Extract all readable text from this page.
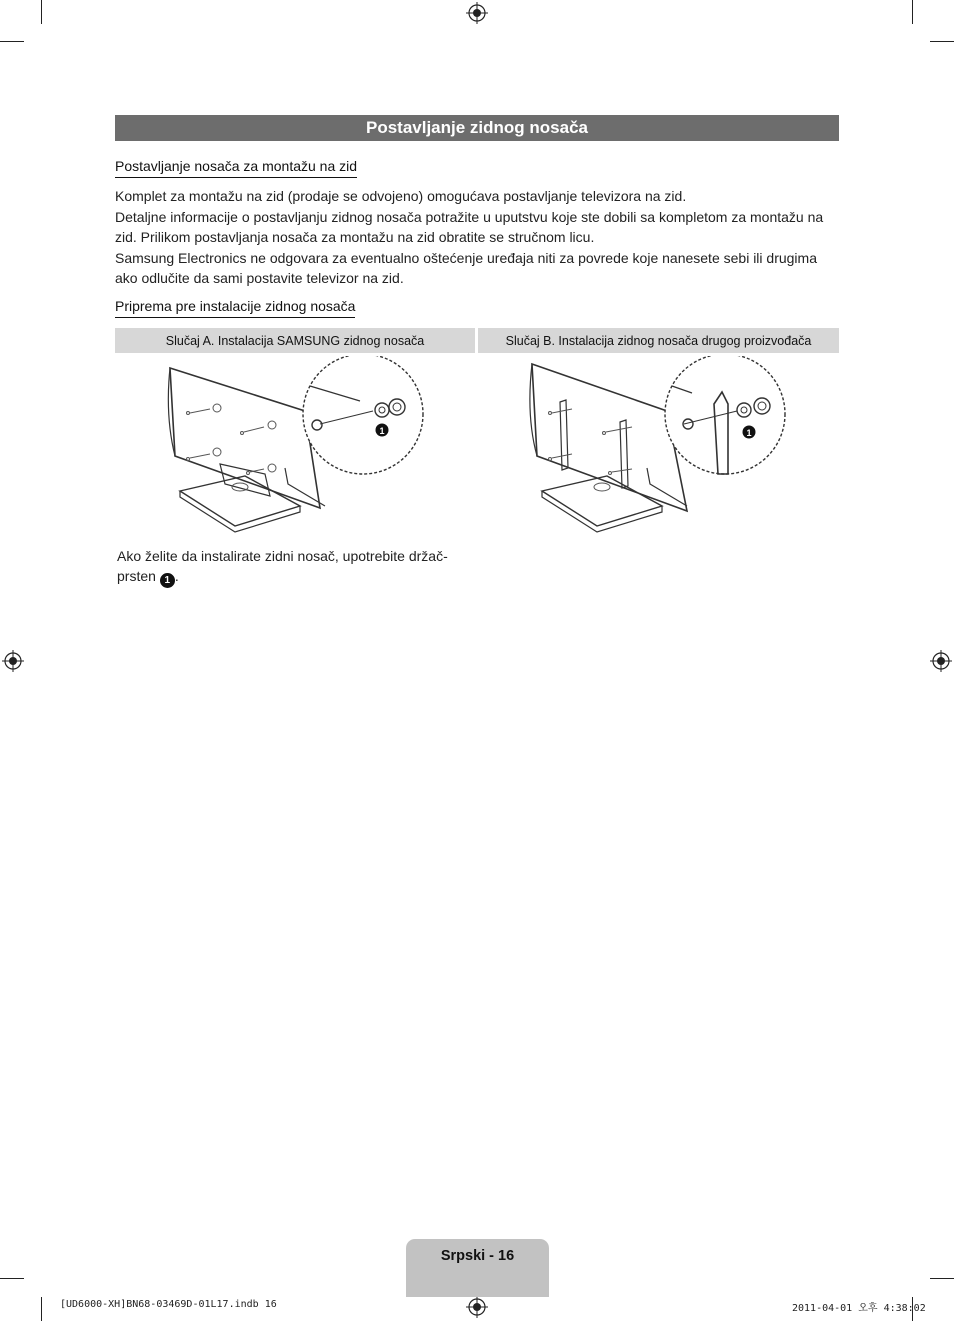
Postavljanje zidnog nosača
Postavljanje nosača za montažu na zid

Komplet za montažu na zid (prodaje se odvojeno) omogućava postavljanje televizora na zid.

Detaljne informacije o postavljanju zidnog nosača potražite u uputstvu koje ste dobili sa kompletom za montažu na zid. Prilikom postavljanja nosača za montažu na zid obratite se stručnom licu.

Samsung Electronics ne odgovara za eventualno oštećenje uređaja niti za povrede koje nanesete sebi ili drugima ako odlučite da sami postavite televizor na zid.

Priprema pre instalacije zidnog nosača
Slučaj A. Instalacija SAMSUNG zidnog nosača	Slučaj B. Instalacija zidnog nosača drugog proizvođača
1	1
Ako želite da instalirate zidni nosač, upotrebite držač-prsten 1 .
Srpski - 16
[UD6000-XH]BN68-03469D-01L17.indb 16	2011-04-01 오후 4:38:02
